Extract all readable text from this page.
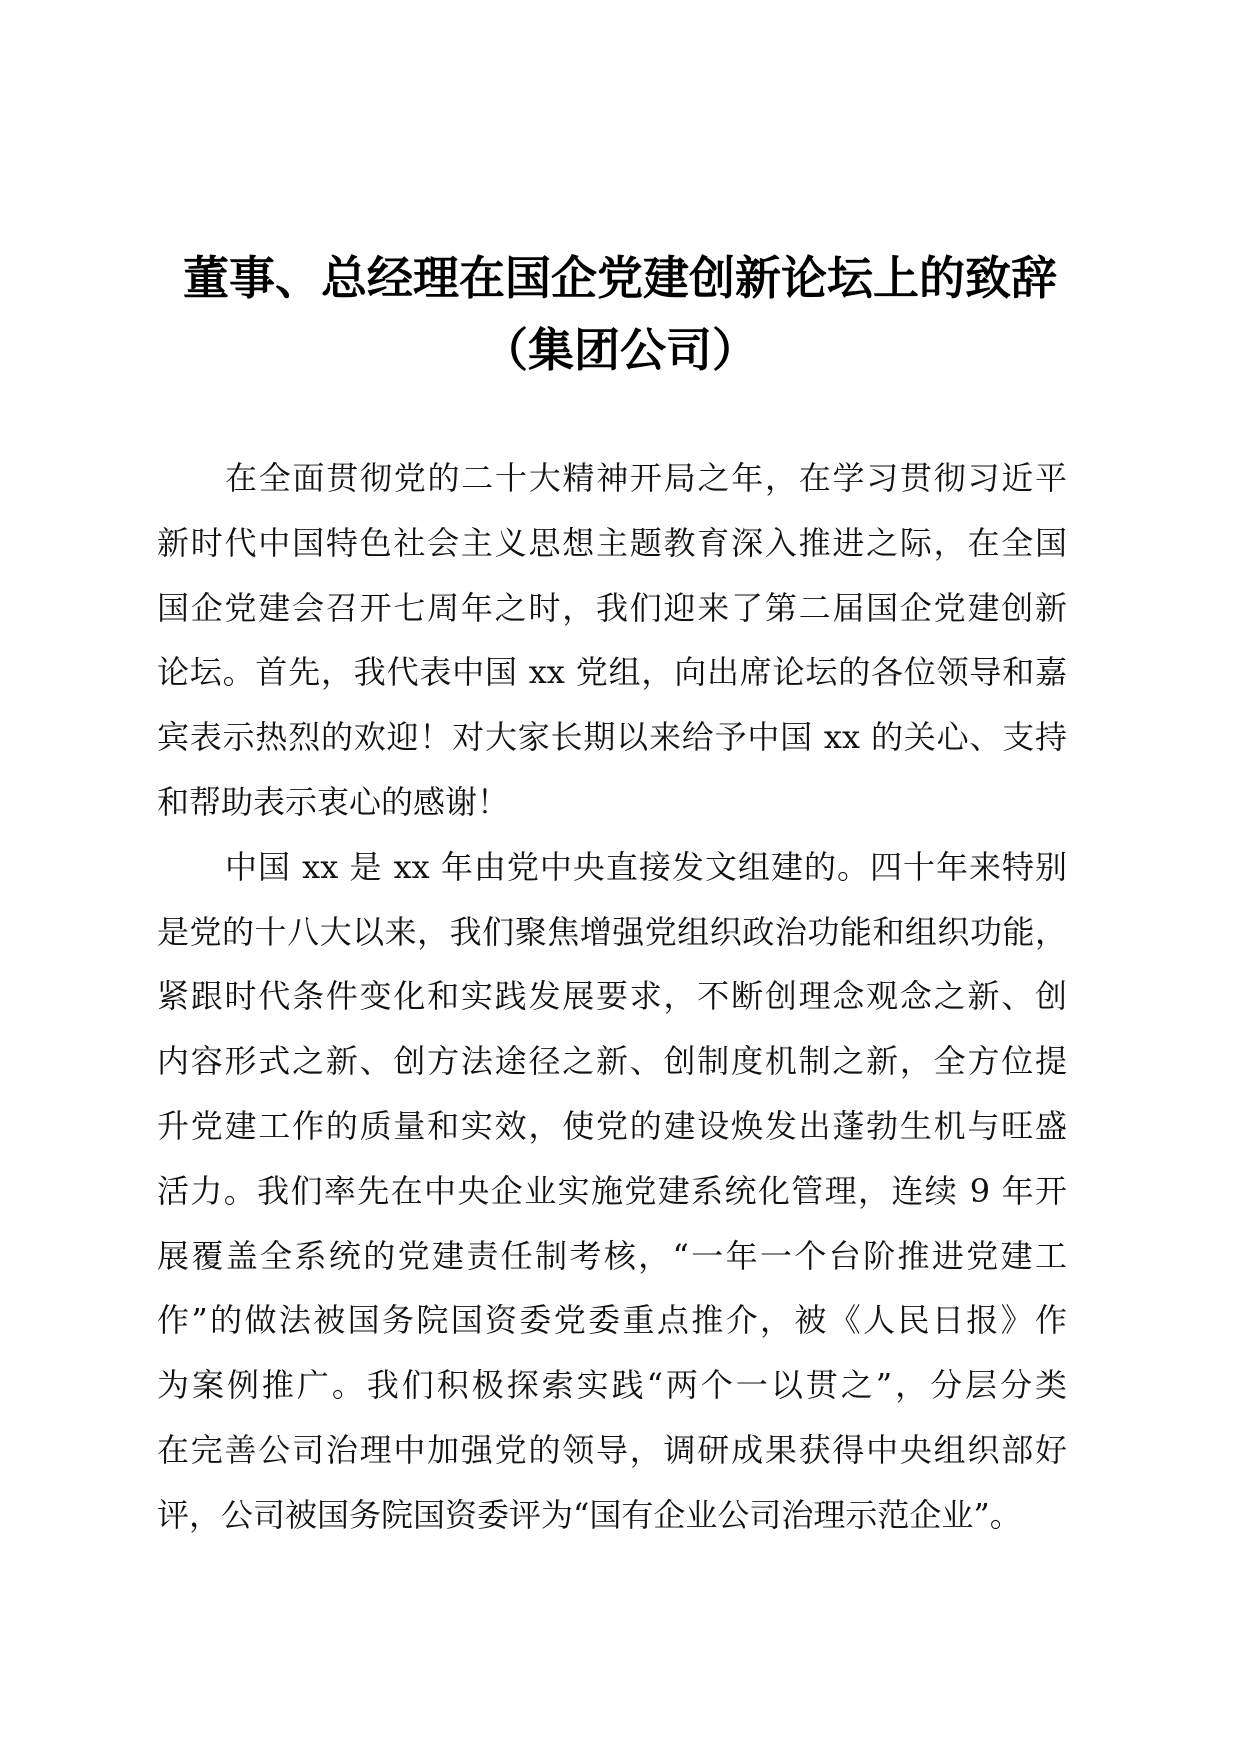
董事、总经理在国企党建创新论坛上的致辞
（集团公司）
在全面贯彻党的二十大精神开局之年，在学习贯彻习近平
新时代中国特色社会主义思想主题教育深入推进之际，在全国
国企党建会召开七周年之时，我们迎来了第二届国企党建创新
论坛。首先，我代表中国 xx 党组，向出席论坛的各位领导和嘉
宾表示热烈的欢迎！对大家长期以来给予中国 xx 的关心、支持
和帮助表示衷心的感谢！
中国 xx 是 xx 年由党中央直接发文组建的。四十年来特别
是党的十八大以来，我们聚焦增强党组织政治功能和组织功能，
紧跟时代条件变化和实践发展要求，不断创理念观念之新、创
内容形式之新、创方法途径之新、创制度机制之新，全方位提
升党建工作的质量和实效，使党的建设焕发出蓬勃生机与旺盛
活力。我们率先在中央企业实施党建系统化管理，连续 9 年开
展覆盖全系统的党建责任制考核，“一年一个台阶推进党建工
作”的做法被国务院国资委党委重点推介，被《人民日报》作
为案例推广。我们积极探索实践“两个一以贯之”，分层分类
在完善公司治理中加强党的领导，调研成果获得中央组织部好
评，公司被国务院国资委评为“国有企业公司治理示范企业”。
